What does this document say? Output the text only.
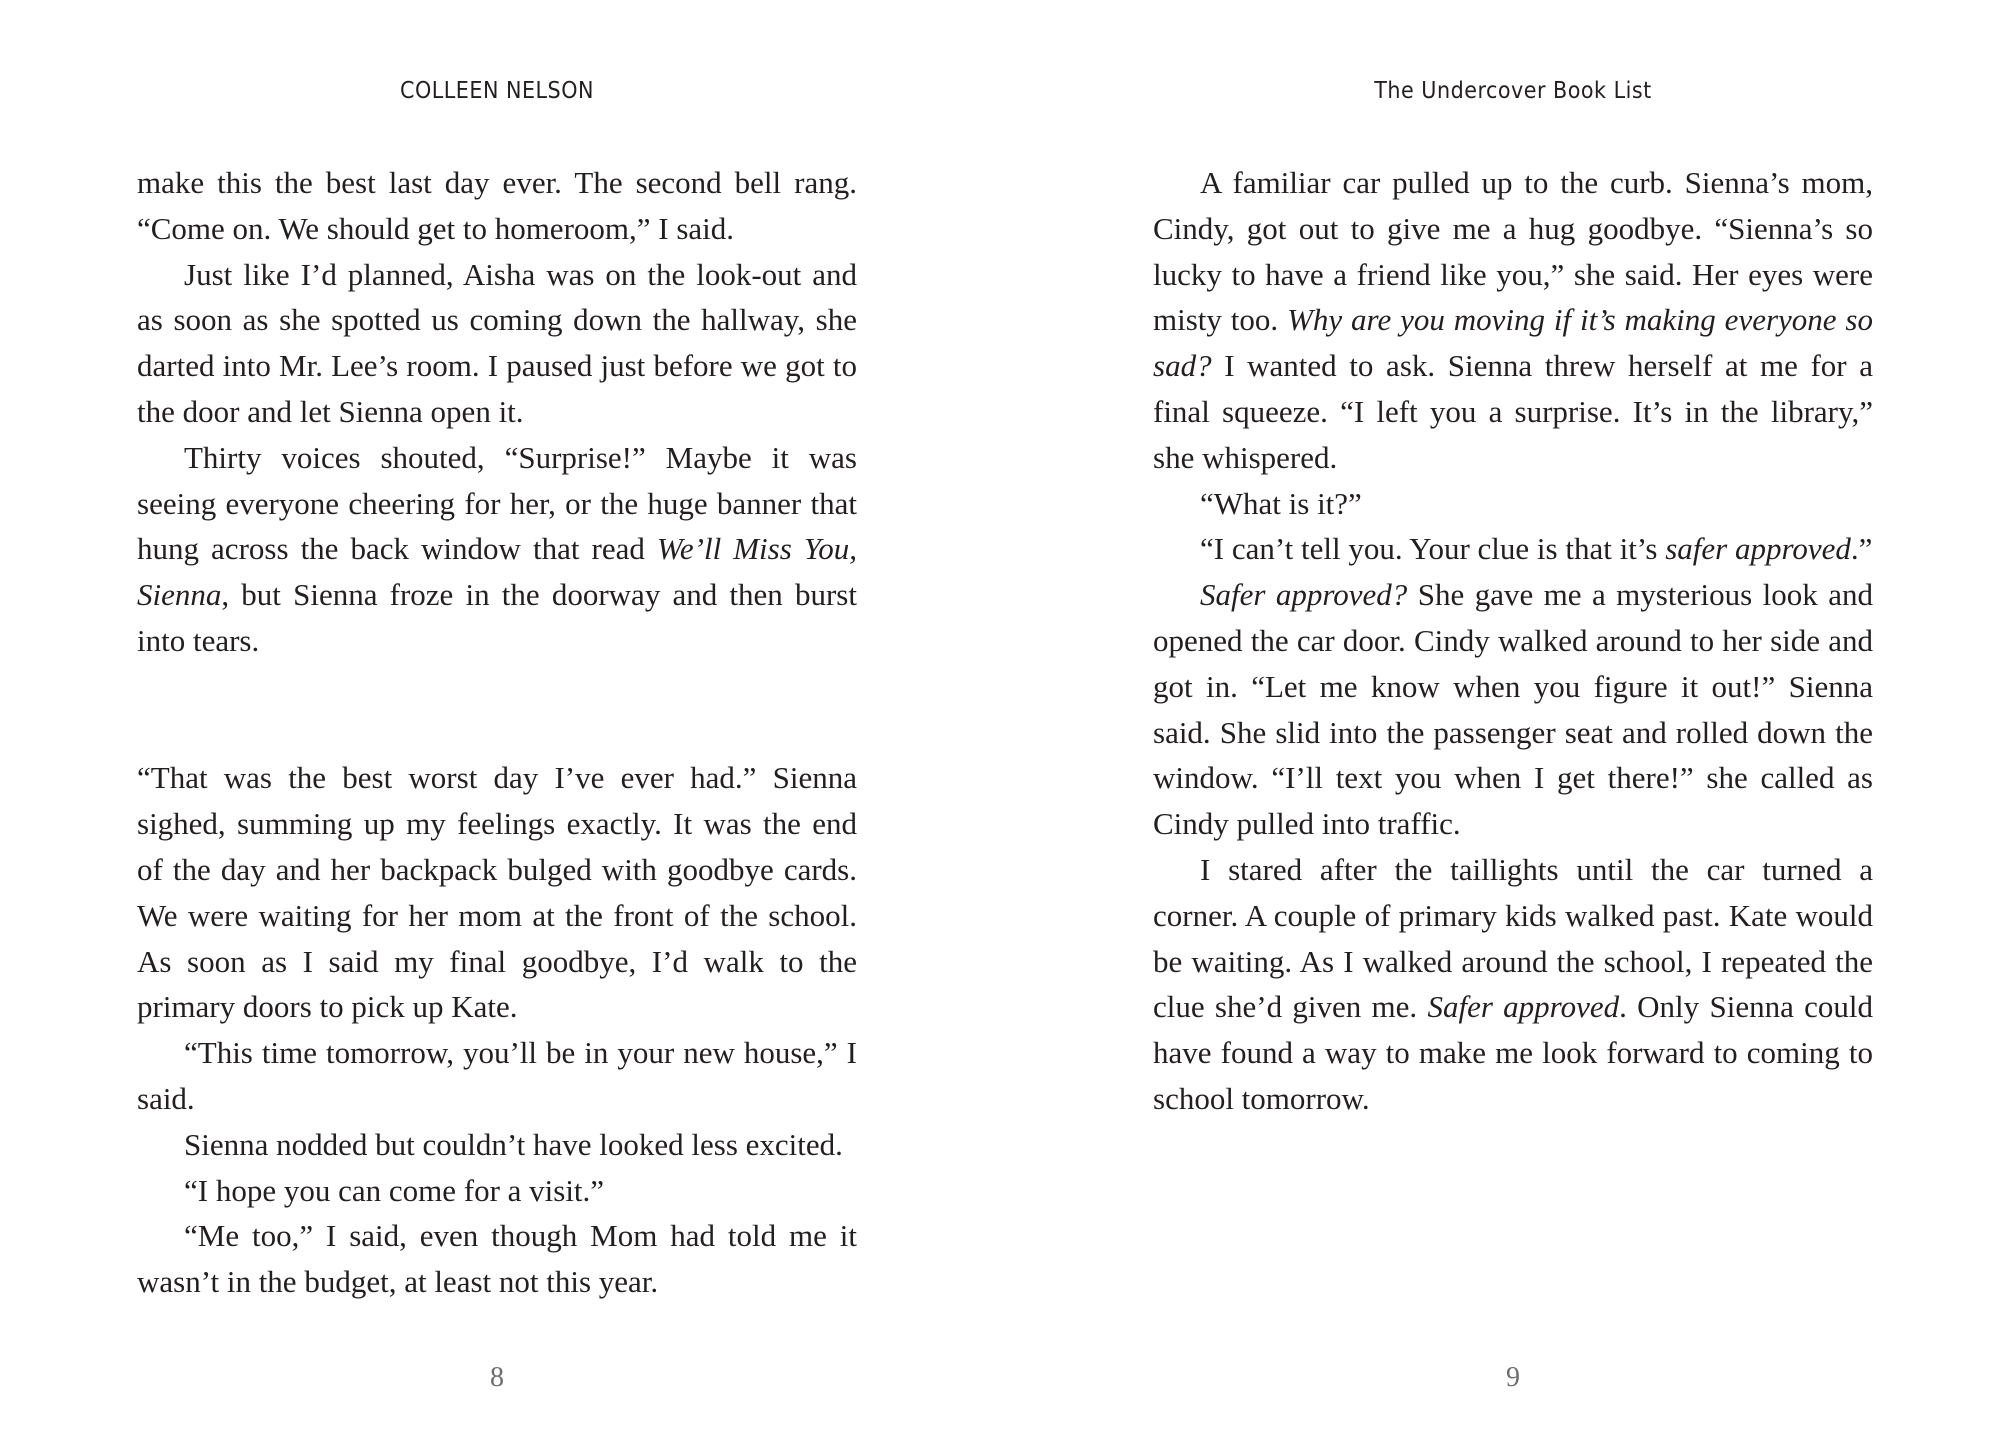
COLLEEN NELSON

make this the best last day ever. The second bell rang. “Come on. We should get to homeroom,” I said.

Just like I’d planned, Aisha was on the look-out and as soon as she spotted us coming down the hallway, she darted into Mr. Lee’s room. I paused just before we got to the door and let Sienna open it.

Thirty voices shouted, “Surprise!” Maybe it was seeing everyone cheering for her, or the huge banner that hung across the back window that read We’ll Miss You, Sienna, but Sienna froze in the doorway and then burst into tears.

“That was the best worst day I’ve ever had.” Sienna sighed, summing up my feelings exactly. It was the end of the day and her backpack bulged with goodbye cards. We were waiting for her mom at the front of the school. As soon as I said my final goodbye, I’d walk to the primary doors to pick up Kate.

“This time tomorrow, you’ll be in your new house,” I said.

Sienna nodded but couldn’t have looked less excited.

“I hope you can come for a visit.”

“Me too,” I said, even though Mom had told me it wasn’t in the budget, at least not this year.

8
The Undercover Book List

A familiar car pulled up to the curb. Sienna’s mom, Cindy, got out to give me a hug goodbye. “Sienna’s so lucky to have a friend like you,” she said. Her eyes were misty too. Why are you moving if it’s making everyone so sad? I wanted to ask. Sienna threw herself at me for a final squeeze. “I left you a surprise. It’s in the library,” she whispered.

“What is it?”

“I can’t tell you. Your clue is that it’s safer approved.”

Safer approved? She gave me a mysterious look and opened the car door. Cindy walked around to her side and got in. “Let me know when you figure it out!” Sienna said. She slid into the passenger seat and rolled down the window. “I’ll text you when I get there!” she called as Cindy pulled into traffic.

I stared after the taillights until the car turned a corner. A couple of primary kids walked past. Kate would be waiting. As I walked around the school, I repeated the clue she’d given me. Safer approved. Only Sienna could have found a way to make me look forward to coming to school tomorrow.

9
